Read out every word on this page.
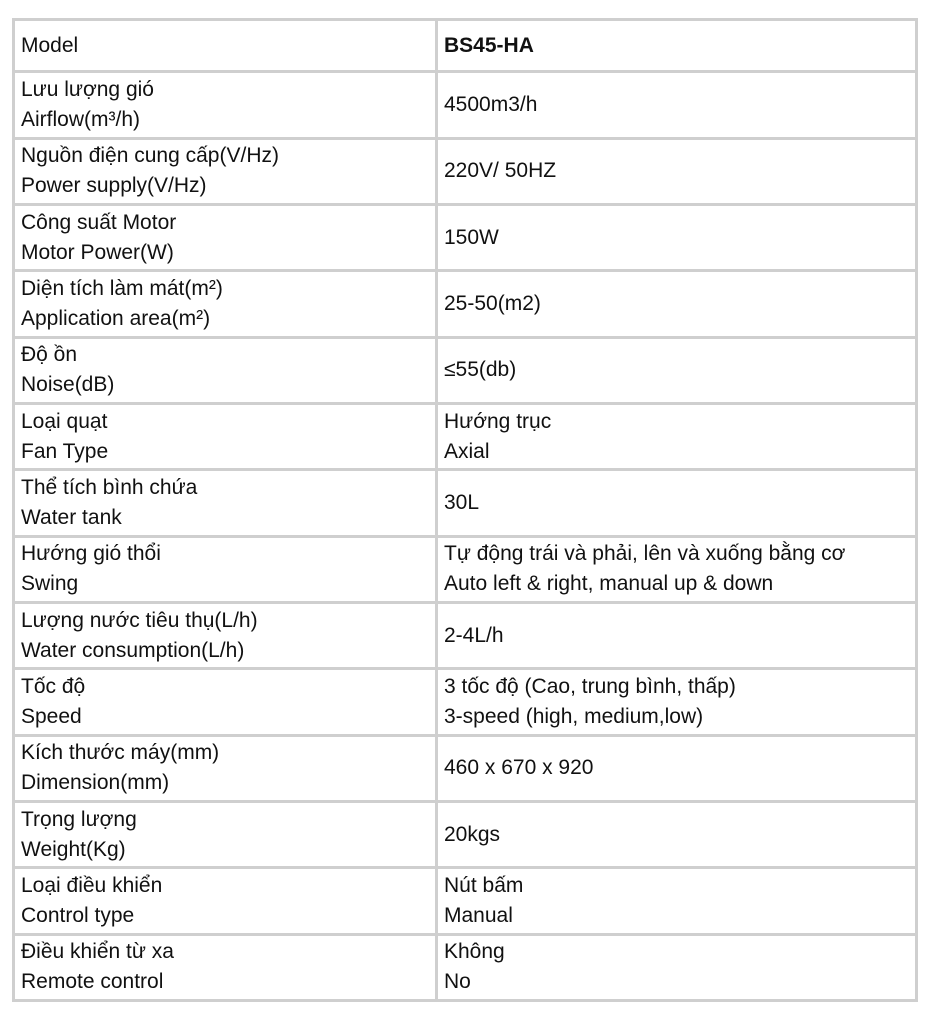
Model	BS45-HA

Lưu lượng gió
Airflow(m³/h)	4500m3/h

Nguồn điện cung cấp(V/Hz)
Power supply(V/Hz)	220V/ 50HZ

Công suất Motor
Motor Power(W)	150W

Diện tích làm mát(m²)
Application area(m²)	25-50(m2)

Độ ồn
Noise(dB)	≤55(db)

Loại quạt
Fan Type	Hướng trục
Axial

Thể tích bình chứa
Water tank	30L

Hướng gió thổi
Swing	Tự động trái và phải, lên và xuống bằng cơ
Auto left & right, manual up & down

Lượng nước tiêu thụ(L/h)
Water consumption(L/h)	2-4L/h

Tốc độ
Speed	3 tốc độ (Cao, trung bình, thấp)
3-speed (high, medium,low)

Kích thước máy(mm)
Dimension(mm)	460 x 670 x 920

Trọng lượng
Weight(Kg)	20kgs

Loại điều khiển
Control type	Nút bấm
Manual

Điều khiển từ xa
Remote control	Không
No
